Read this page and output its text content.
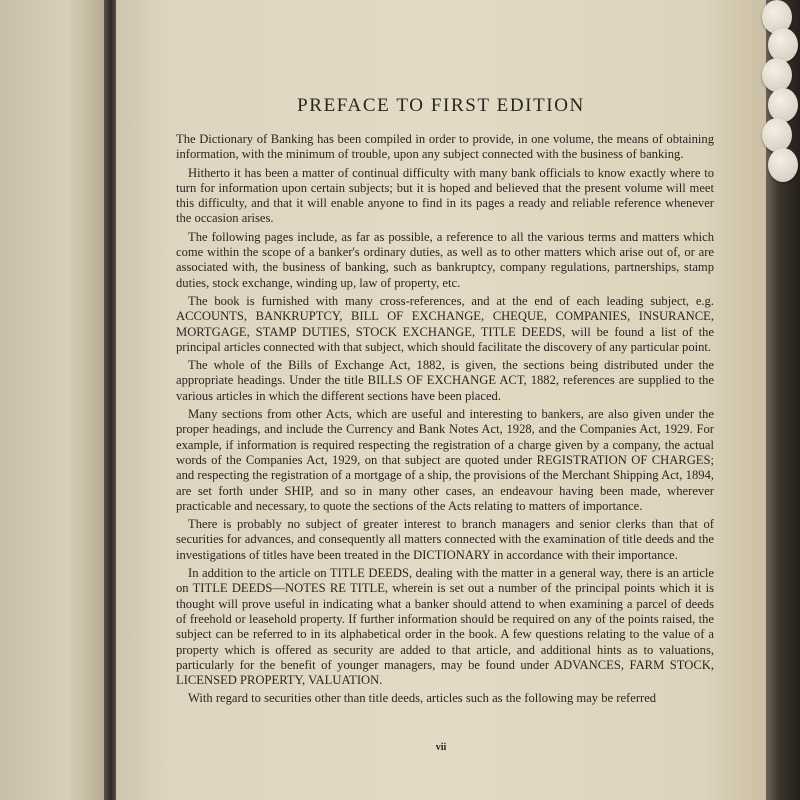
PREFACE TO FIRST EDITION

The Dictionary of Banking has been compiled in order to provide, in one volume, the means of obtaining information, with the minimum of trouble, upon any subject connected with the business of banking.

Hitherto it has been a matter of continual difficulty with many bank officials to know exactly where to turn for information upon certain subjects; but it is hoped and believed that the present volume will meet this difficulty, and that it will enable anyone to find in its pages a ready and reliable reference whenever the occasion arises.

The following pages include, as far as possible, a reference to all the various terms and matters which come within the scope of a banker's ordinary duties, as well as to other matters which arise out of, or are associated with, the business of banking, such as bankruptcy, company regulations, partnerships, stamp duties, stock exchange, winding up, law of property, etc.

The book is furnished with many cross-references, and at the end of each leading subject, e.g. ACCOUNTS, BANKRUPTCY, BILL OF EXCHANGE, CHEQUE, COMPANIES, INSURANCE, MORTGAGE, STAMP DUTIES, STOCK EXCHANGE, TITLE DEEDS, will be found a list of the principal articles connected with that subject, which should facilitate the discovery of any particular point.

The whole of the Bills of Exchange Act, 1882, is given, the sections being distributed under the appropriate headings. Under the title BILLS OF EXCHANGE ACT, 1882, references are supplied to the various articles in which the different sections have been placed.

Many sections from other Acts, which are useful and interesting to bankers, are also given under the proper headings, and include the Currency and Bank Notes Act, 1928, and the Companies Act, 1929. For example, if information is required respecting the registration of a charge given by a company, the actual words of the Companies Act, 1929, on that subject are quoted under REGISTRATION OF CHARGES; and respecting the registration of a mortgage of a ship, the provisions of the Merchant Shipping Act, 1894, are set forth under SHIP, and so in many other cases, an endeavour having been made, wherever practicable and necessary, to quote the sections of the Acts relating to matters of importance.

There is probably no subject of greater interest to branch managers and senior clerks than that of securities for advances, and consequently all matters connected with the examination of title deeds and the investigations of titles have been treated in the DICTIONARY in accordance with their importance.

In addition to the article on TITLE DEEDS, dealing with the matter in a general way, there is an article on TITLE DEEDS—NOTES RE TITLE, wherein is set out a number of the principal points which it is thought will prove useful in indicating what a banker should attend to when examining a parcel of deeds of freehold or leasehold property. If further information should be required on any of the points raised, the subject can be referred to in its alphabetical order in the book. A few questions relating to the value of a property which is offered as security are added to that article, and additional hints as to valuations, particularly for the benefit of younger managers, may be found under ADVANCES, FARM STOCK, LICENSED PROPERTY, VALUATION.

With regard to securities other than title deeds, articles such as the following may be referred

vii
